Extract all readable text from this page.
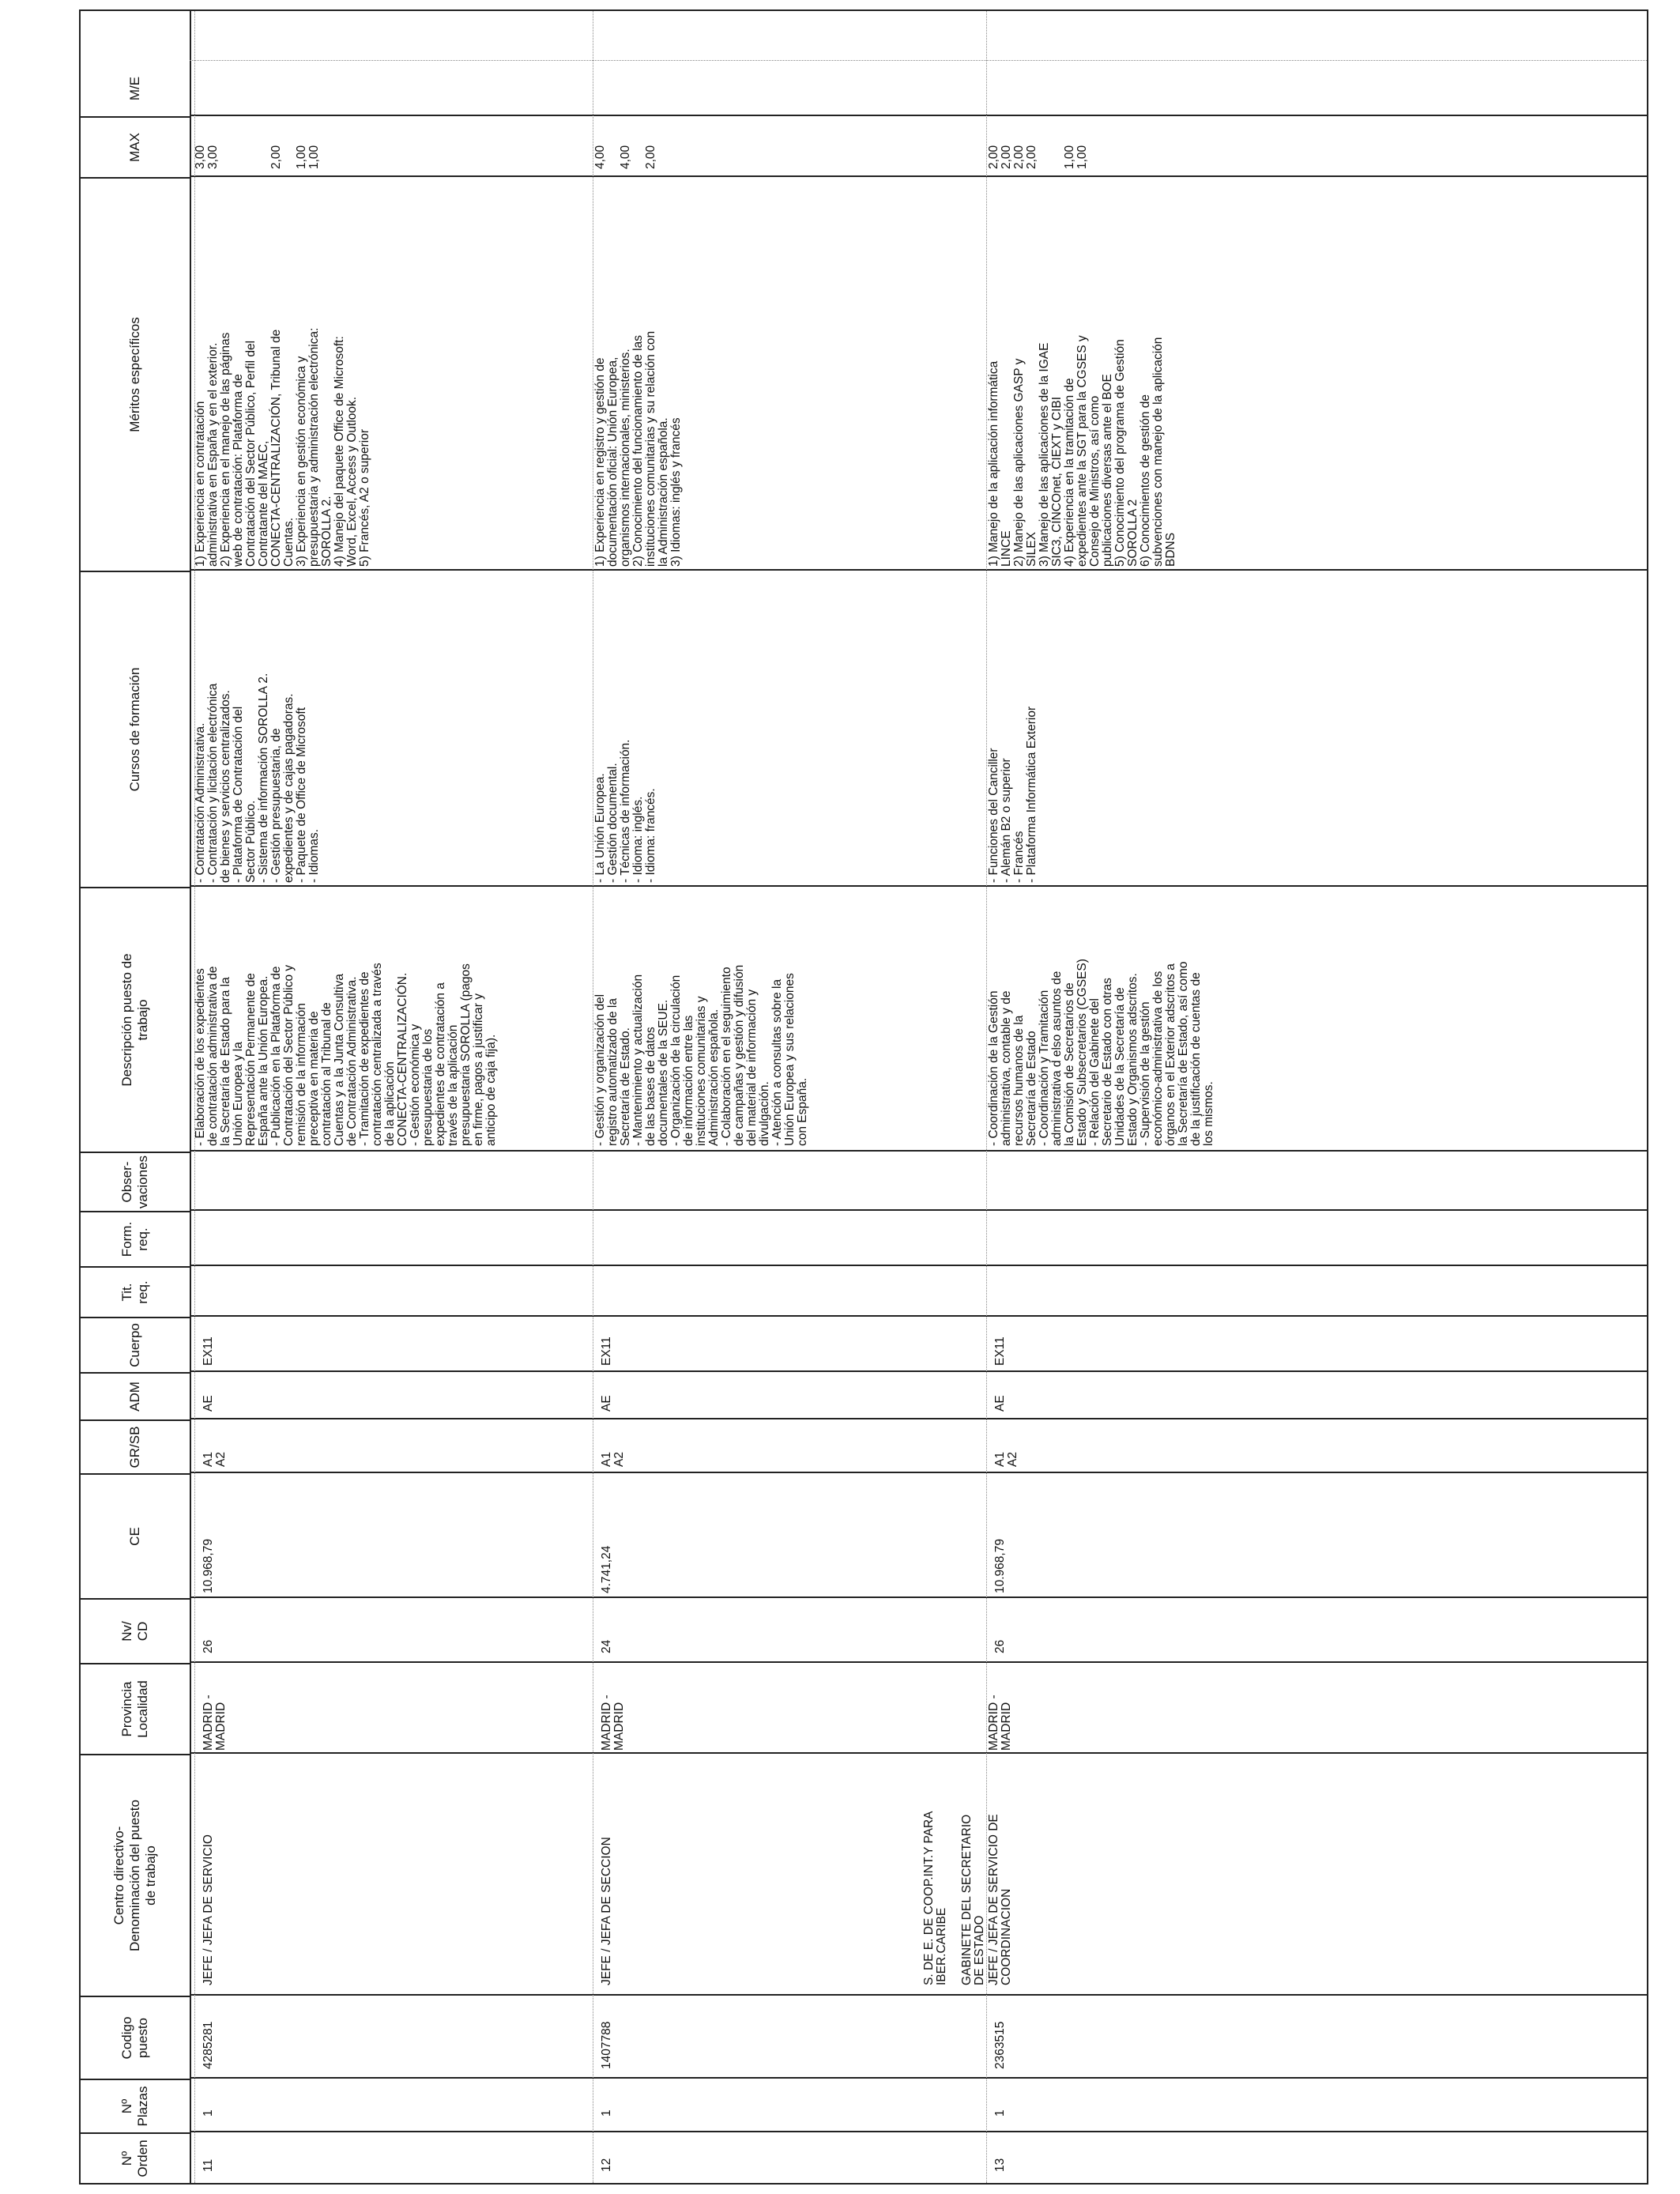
Nº
Orden
Nº
Plazas
Codigo
puesto
Centro directivo-
Denominación del puesto
de trabajo
Provincia
Localidad
Nv/
CD
CE
GR/SB
ADM
Cuerpo
Tit.
req.
Form.
req.
Obser-
vaciones
Descripción puesto de
trabajo
Cursos de formación
Méritos específicos
MAX
M/E
11
1
4285281
JEFE / JEFA DE SERVICIO
MADRID -
MADRID
26
10.968,79
A1
A2
AE
EX11
- Elaboración de los expedientes
de contratación administrativa de
la Secretaría de Estado para la
Unión Europea y la
Representación Permanente de
España ante la Unión Europea.
- Publicación en la Plataforma de
Contratación del Sector Público y
remisión de la información
preceptiva en materia de
contratación al Tribunal de
Cuentas y a la Junta Consultiva
de Contratación Administrativa.
- Tramitación de expedientes de
contratación centralizada a través
de la aplicación
CONECTA-CENTRALIZACIÓN.
- Gestión económica y
presupuestaria de los
expedientes de contratación a
través de la aplicación
presupuestaria SOROLLA (pagos
en firme, pagos a justificar y
anticipo de caja fija).
- Contratación Administrativa.
- Contratación y licitación electrónica
de bienes y servicios centralizados.
- Plataforma de Contratación del
Sector Público.
- Sistema de información SOROLLA 2.
- Gestión presupuestaria, de
expedientes y de cajas pagadoras.
- Paquete de Office de Microsoft
- Idiomas.
1) Experiencia en contratación
administrativa en España y en el exterior.
2) Experiencia en el manejo de las páginas
web de contratación: Plataforma de
Contratación del Sector Público, Perfil del
Contratante del MAEC,
CONECTA-CENTRALIZACIÓN, Tribunal de
Cuentas.
3) Experiencia en gestión económica y
presupuestaria y administración electrónica:
SOROLLA 2.
4) Manejo del paquete Office de Microsoft:
Word, Excel, Access y Outlook.
5) Francés, A2 o superior
3,00
3,00

2,00

1,00
1,00
12
1
1407788
JEFE / JEFA DE SECCION
MADRID -
MADRID
24
4.741,24
A1
A2
AE
EX11
- Gestión y organización del
registro automatizado de la
Secretaría de Estado.
- Mantenimiento y actualización
de las bases de datos
documentales de la SEUE.
- Organización de la circulación
de información entre las
instituciones comunitarias y
Administración española.
- Colaboración en el seguimiento
de campañas y gestión y difusión
del material de información y
divulgación.
- Atención a consultas sobre la
Unión Europea y sus relaciones
con España.
- La Unión Europea.
- Gestión documental.
- Técnicas de información.
- Idioma: inglés.
- Idioma: francés.
1) Experiencia en registro y gestión de
documentación oficial: Unión Europea,
organismos internacionales, ministerios.
2) Conocimiento del funcionamiento de las
instituciones comunitarias y su relación con
la Administración española.
3) Idiomas: inglés y francés
4,00

4,00

2,00
S. DE E. DE COOP.INT.Y PARA
IBER.CARIBE

GABINETE DEL SECRETARIO
DE ESTADO
13
1
2363515
JEFE / JEFA DE SERVICIO DE
COORDINACION
MADRID -
MADRID
26
10.968,79
A1
A2
AE
EX11
- Coordinación de la Gestión
administrativa, contable y de
recursos humanos de la
Secretaría de Estado
- Coordinación y Tramitación
administrativa d elso asuntos de
la Comisión de Secretarios de
Estado y Subsecretarios (CGSES)
- Relación del Gabinete del
Secretario de Estado con otras
Unidades de la Secretaría de
Estado y Organismos adscritos.
- Supervisión de la gestión
económico-administrativa de los
órganos en el Exterior adscritos a
la Secretaría de Estado, así como
de la justificación de cuentas de
los mismos.
- Funciones del Canciller
- Alemán B2 o superior
- Francés
- Plataforma Informática Exterior
1) Manejo de la aplicación informática
LINCE
2) Manejo de las aplicaciones GASP y
SILEX
3) Manejo de las aplicaciones de la IGAE
SIC3, CINCOnet, CIEXT y CIBI
4) Experiencia en la tramitación de
expedientes ante la SGT para la CGSES y
Consejo de Ministros, así como
publicaciones diversas ante el BOE
5) Conocimiento del programa de Gestión
SOROLLA 2
6) Conocimientos de gestión de
subvenciones con manejo de la aplicación
BDNS
2,00
2,00
2,00
2,00

1,00
1,00
